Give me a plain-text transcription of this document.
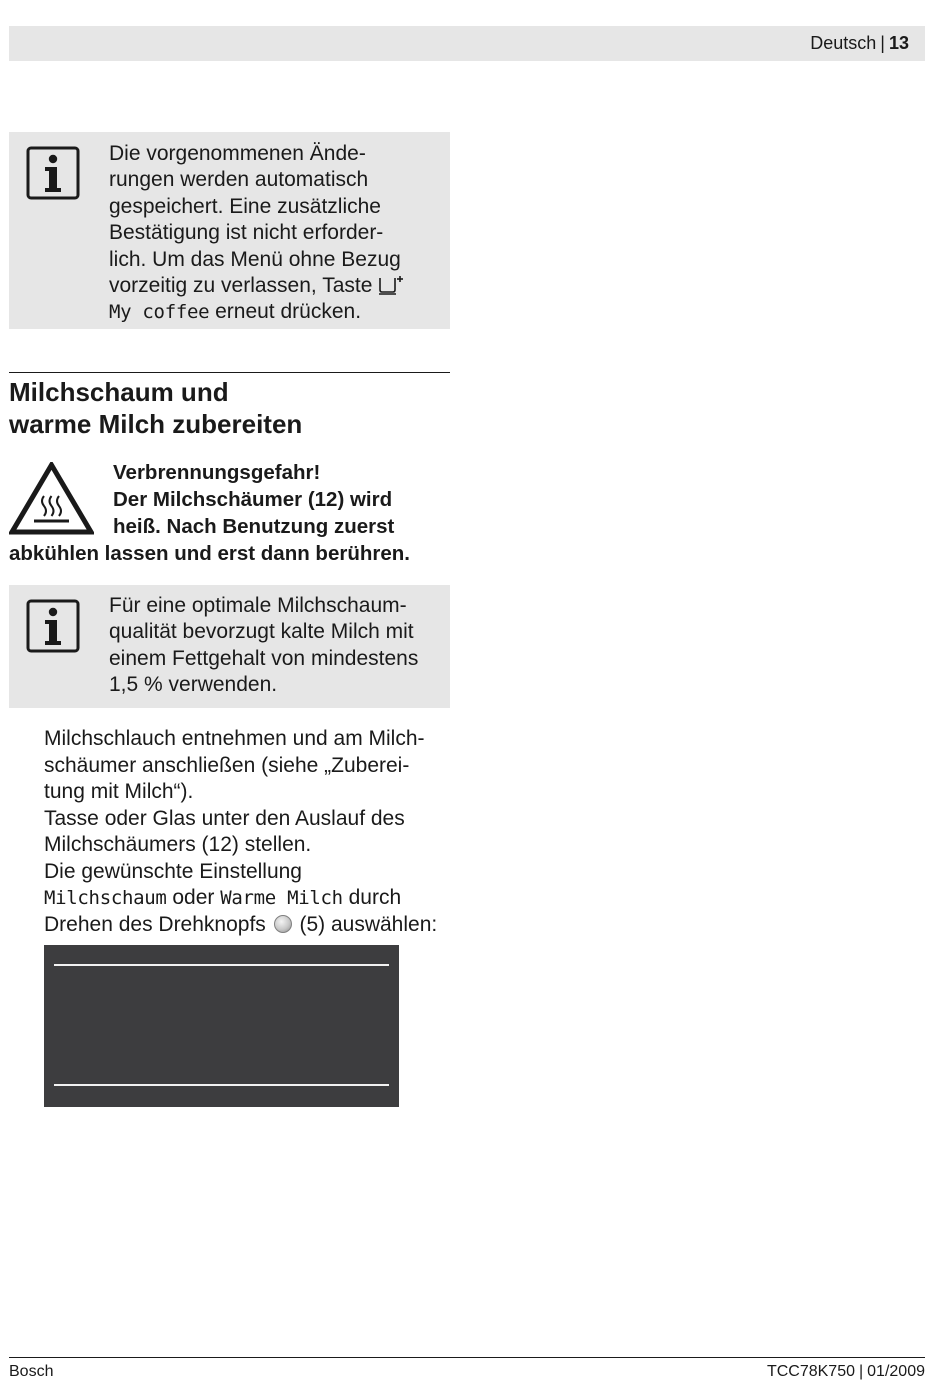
Deutsch | 13
Die vorgenommenen Ände-
rungen werden automatisch
gespeichert. Eine zusätzliche
Bestätigung ist nicht erforder-
lich. Um das Menü ohne Bezug
vorzeitig zu verlassen, Taste
My coffee erneut drücken.
Milchschaum und
warme Milch zubereiten
Verbrennungsgefahr!
Der Milchschäumer (12) wird
heiß. Nach Benutzung zuerst
abkühlen lassen und erst dann berühren.
Für eine optimale Milchschaum-
qualität bevorzugt kalte Milch mit
einem Fettgehalt von mindestens
1,5 % verwenden.
Milchschlauch entnehmen und am Milch-
schäumer anschließen (siehe „Zuberei-
tung mit Milch“).
Tasse oder Glas unter den Auslauf des
Milchschäumers (12) stellen.
Die gewünschte Einstellung
Milchschaum oder Warme Milch durch
Drehen des Drehknopfs  (5) auswählen:
Bosch	TCC78K750 | 01/2009
